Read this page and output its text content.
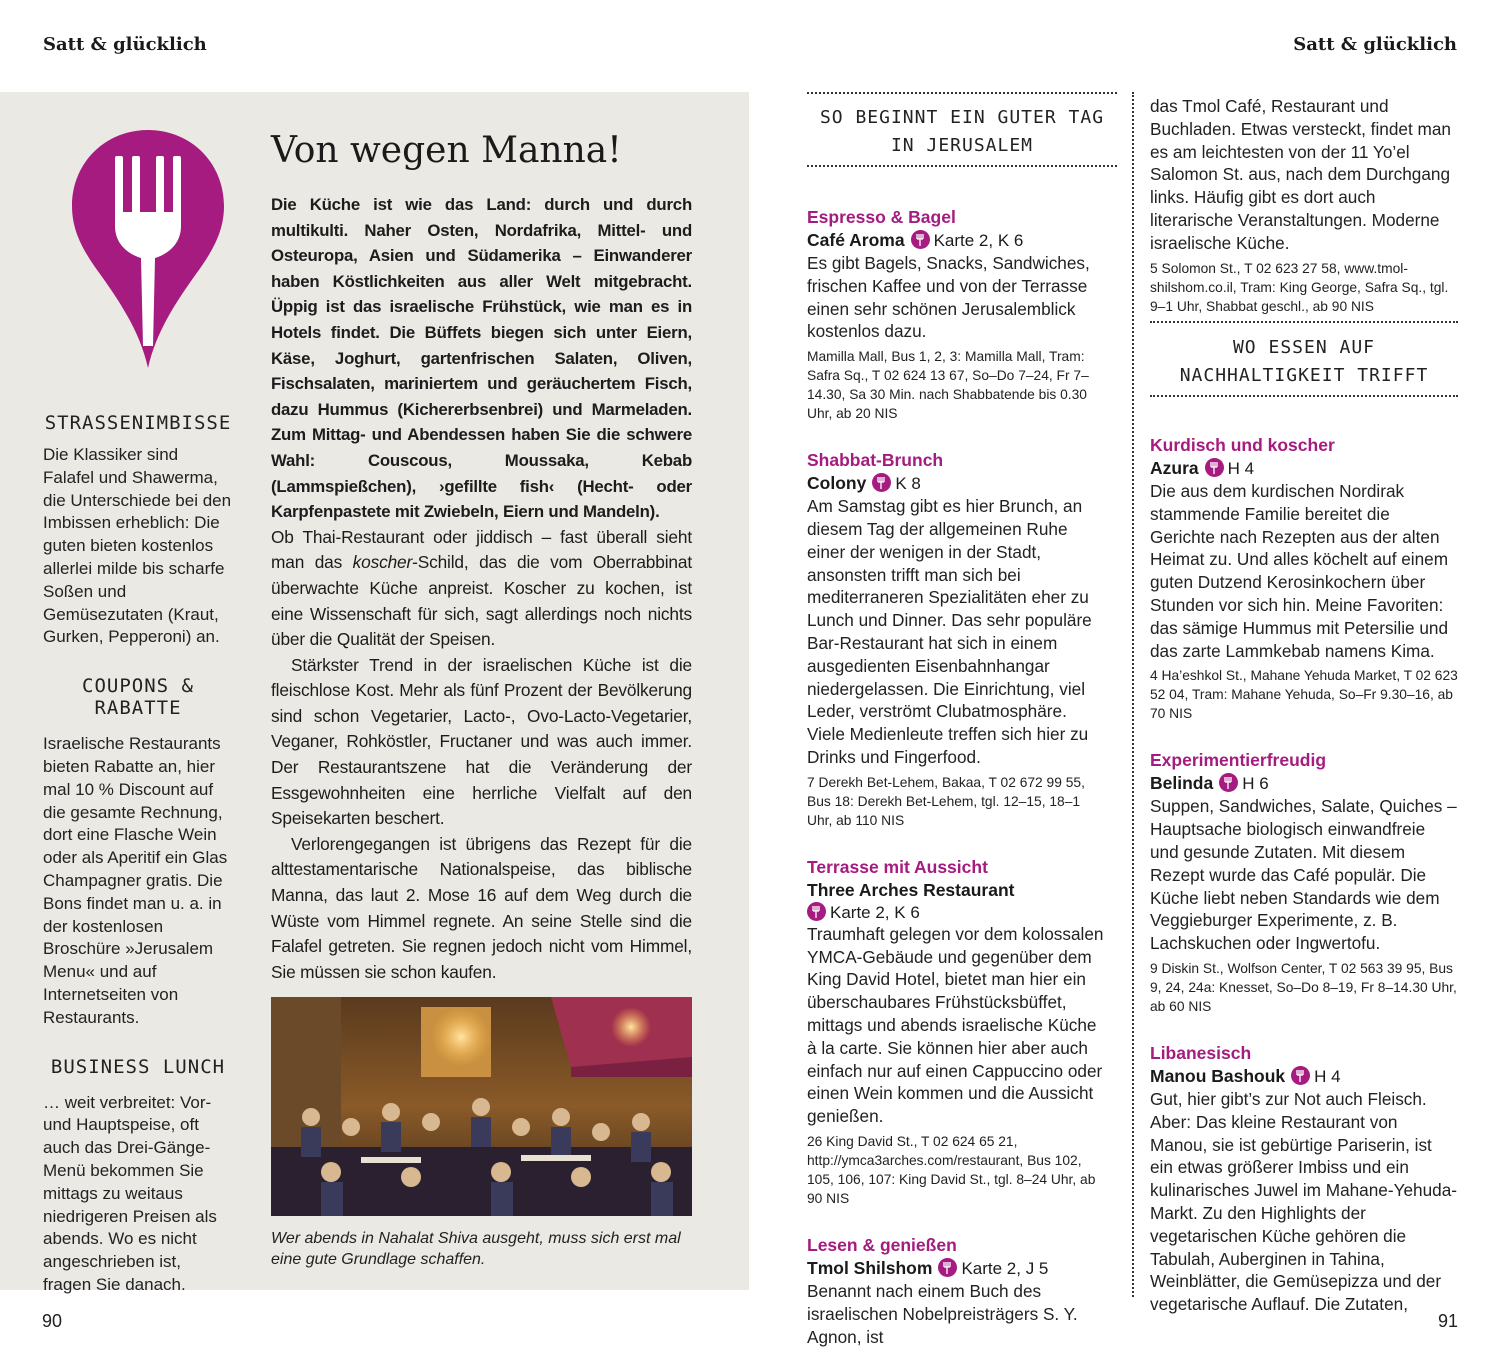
Satt & glücklich	Satt & glücklich
90	91
STRASSENIMBISSE
Die Klassiker sind Falafel und Shawerma, die Unterschiede bei den Imbissen erheblich: Die guten bieten kostenlos allerlei milde bis scharfe Soßen und Gemüsezutaten (Kraut, Gurken, Pepperoni) an.
COUPONS & RABATTE
Israelische Restaurants bieten Rabatte an, hier mal 10 % Discount auf die gesamte Rechnung, dort eine Flasche Wein oder als Aperitif ein Glas Champagner gratis. Die Bons findet man u. a. in der kostenlosen Broschüre »Jerusalem Menu« und auf Internetseiten von Restaurants.
BUSINESS LUNCH
… weit verbreitet: Vor- und Hauptspeise, oft auch das Drei-Gänge-Menü bekommen Sie mittags zu weitaus niedrigeren Preisen als abends. Wo es nicht angeschrieben ist, fragen Sie danach.
Von wegen Manna!
Die Küche ist wie das Land: durch und durch multikulti. Naher Osten, Nordafrika, Mittel- und Osteuropa, Asien und Südamerika – Einwanderer haben Köstlichkeiten aus aller Welt mitgebracht. Üppig ist das israelische Frühstück, wie man es in Hotels findet. Die Büffets biegen sich unter Eiern, Käse, Joghurt, gartenfrischen Salaten, Oliven, Fischsalaten, mariniertem und geräuchertem Fisch, dazu Hummus (Kichererbsenbrei) und Marmeladen. Zum Mittag- und Abendessen haben Sie die schwere Wahl: Couscous, Moussaka, Kebab (Lammspießchen), ›gefillte fish‹ (Hecht- oder Karpfenpastete mit Zwiebeln, Eiern und Mandeln).

Ob Thai-Restaurant oder jiddisch – fast überall sieht man das koscher-Schild, das die vom Oberrabbinat überwachte Küche anpreist. Koscher zu kochen, ist eine Wissenschaft für sich, sagt allerdings noch nichts über die Qualität der Speisen.

Stärkster Trend in der israelischen Küche ist die fleischlose Kost. Mehr als fünf Prozent der Bevölkerung sind schon Vegetarier, Lacto-, Ovo-Lacto-Vegetarier, Veganer, Rohköstler, Fructaner und was auch immer. Der Restaurantszene hat die Veränderung der Essgewohnheiten eine herrliche Vielfalt auf den Speisekarten beschert.

Verlorengegangen ist übrigens das Rezept für die alttestamentarische Nationalspeise, das biblische Manna, das laut 2. Mose 16 auf dem Weg durch die Wüste vom Himmel regnete. An seine Stelle sind die Falafel getreten. Sie regnen jedoch nicht vom Himmel, Sie müssen sie schon kaufen.

Wer abends in Nahalat Shiva ausgeht, muss sich erst mal eine gute Grundlage schaffen.
SO BEGINNT EIN GUTER TAG IN JERUSALEM
Espresso & Bagel
Café Aroma Karte 2, K 6
Es gibt Bagels, Snacks, Sandwiches, frischen Kaffee und von der Terrasse einen sehr schönen Jerusalemblick kostenlos dazu.
Mamilla Mall, Bus 1, 2, 3: Mamilla Mall, Tram: Safra Sq., T 02 624 13 67, So–Do 7–24, Fr 7–14.30, Sa 30 Min. nach Shabbatende bis 0.30 Uhr, ab 20 NIS
Shabbat-Brunch
Colony K 8
Am Samstag gibt es hier Brunch, an diesem Tag der allgemeinen Ruhe einer der wenigen in der Stadt, ansonsten trifft man sich bei mediterraneren Spezialitäten eher zu Lunch und Dinner. Das sehr populäre Bar-Restaurant hat sich in einem ausgedienten Eisenbahnhangar niedergelassen. Die Einrichtung, viel Leder, verströmt Clubatmosphäre. Viele Medienleute treffen sich hier zu Drinks und Fingerfood.
7 Derekh Bet-Lehem, Bakaa, T 02 672 99 55, Bus 18: Derekh Bet-Lehem, tgl. 12–15, 18–1 Uhr, ab 110 NIS
Terrasse mit Aussicht
Three Arches Restaurant
Karte 2, K 6
Traumhaft gelegen vor dem kolossalen YMCA-Gebäude und gegenüber dem King David Hotel, bietet man hier ein überschaubares Frühstücksbüffet, mittags und abends israelische Küche à la carte. Sie können hier aber auch einfach nur auf einen Cappuccino oder einen Wein kommen und die Aussicht genießen.
26 King David St., T 02 624 65 21, http://ymca3arches.com/restaurant, Bus 102, 105, 106, 107: King David St., tgl. 8–24 Uhr, ab 90 NIS
Lesen & genießen
Tmol Shilshom Karte 2, J 5
Benannt nach einem Buch des israelischen Nobelpreisträgers S. Y. Agnon, ist
das Tmol Café, Restaurant und Buchladen. Etwas versteckt, findet man es am leichtesten von der 11 Yo’el Salomon St. aus, nach dem Durchgang links. Häufig gibt es dort auch literarische Veranstaltungen. Moderne israelische Küche.
5 Solomon St., T 02 623 27 58, www.tmol-shilshom.co.il, Tram: King George, Safra Sq., tgl. 9–1 Uhr, Shabbat geschl., ab 90 NIS
WO ESSEN AUF NACHHALTIGKEIT TRIFFT
Kurdisch und koscher
Azura H 4
Die aus dem kurdischen Nordirak stammende Familie bereitet die Gerichte nach Rezepten aus der alten Heimat zu. Und alles köchelt auf einem guten Dutzend Kerosinkochern über Stunden vor sich hin. Meine Favoriten: das sämige Hummus mit Petersilie und das zarte Lammkebab namens Kima.
4 Ha’eshkol St., Mahane Yehuda Market, T 02 623 52 04, Tram: Mahane Yehuda, So–Fr 9.30–16, ab 70 NIS
Experimentierfreudig
Belinda H 6
Suppen, Sandwiches, Salate, Quiches – Hauptsache biologisch einwandfreie und gesunde Zutaten. Mit diesem Rezept wurde das Café populär. Die Küche liebt neben Standards wie dem Veggieburger Experimente, z. B. Lachskuchen oder Ingwertofu.
9 Diskin St., Wolfson Center, T 02 563 39 95, Bus 9, 24, 24a: Knesset, So–Do 8–19, Fr 8–14.30 Uhr, ab 60 NIS
Libanesisch
Manou Bashouk H 4
Gut, hier gibt’s zur Not auch Fleisch. Aber: Das kleine Restaurant von Manou, sie ist gebürtige Pariserin, ist ein etwas größerer Imbiss und ein kulinarisches Juwel im Mahane-Yehuda-Markt. Zu den Highlights der vegetarischen Küche gehören die Tabulah, Auberginen in Tahina, Weinblätter, die Gemüsepizza und der vegetarische Auflauf. Die Zutaten,
